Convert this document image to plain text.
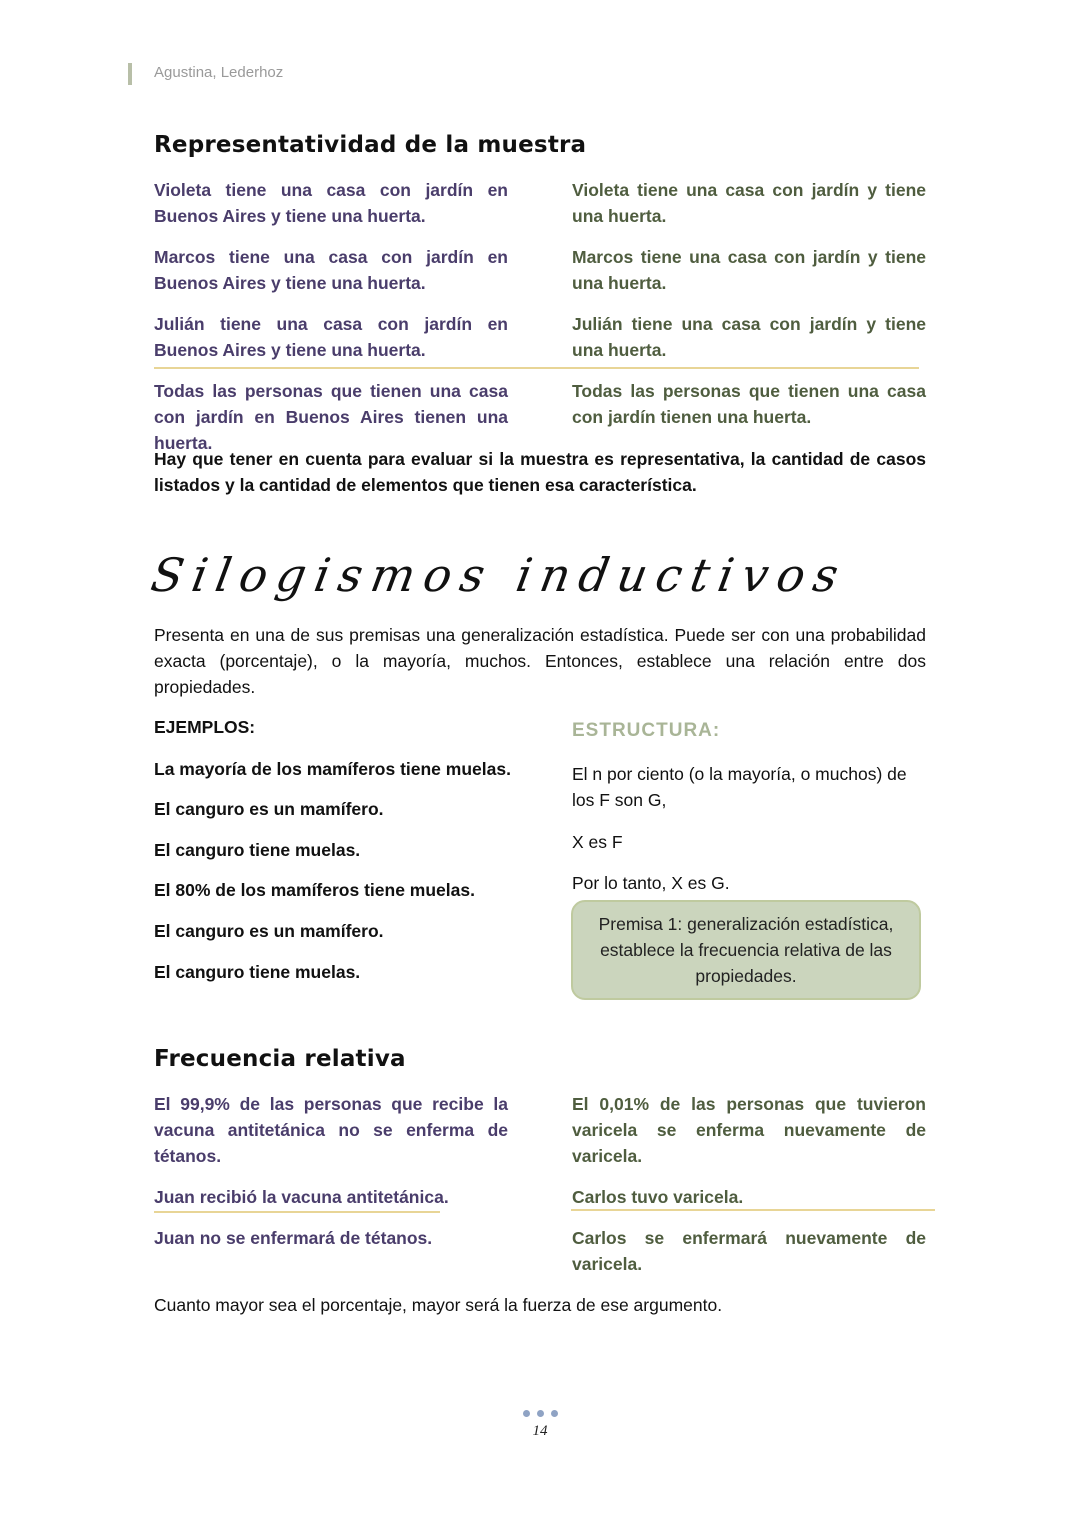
Agustina, Lederhoz
Representatividad de la muestra

Violeta tiene una casa con jardín en Buenos Aires y tiene una huerta.

Marcos tiene una casa con jardín en Buenos Aires y tiene una huerta.

Julián tiene una casa con jardín en Buenos Aires y tiene una huerta.

Todas las personas que tienen una casa con jardín en Buenos Aires tienen una huerta.

Violeta tiene una casa con jardín y tiene una huerta.

Marcos tiene una casa con jardín y tiene una huerta.

Julián tiene una casa con jardín y tiene una huerta.

Todas las personas que tienen una casa con jardín tienen una huerta.

Hay que tener en cuenta para evaluar si la muestra es representativa, la cantidad de casos listados y la cantidad de elementos que tienen esa característica.
Silogismos inductivos
Presenta en una de sus premisas una generalización estadística. Puede ser con una probabilidad exacta (porcentaje), o la mayoría, muchos. Entonces, establece una relación entre dos propiedades.
EJEMPLOS:
La mayoría de los mamíferos tiene muelas.
El canguro es un mamífero.
El canguro tiene muelas.
El 80% de los mamíferos tiene muelas.
El canguro es un mamífero.
El canguro tiene muelas.
ESTRUCTURA:
El n por ciento (o la mayoría, o muchos) de los F son G,
X es F
Por lo tanto, X es G.
Premisa 1: generalización estadística, establece la frecuencia relativa de las propiedades.
Frecuencia relativa

El 99,9% de las personas que recibe la vacuna antitetánica no se enferma de tétanos.

Juan recibió la vacuna antitetánica.

Juan no se enfermará de tétanos.

El 0,01% de las personas que tuvieron varicela se enferma nuevamente de varicela.

Carlos tuvo varicela.

Carlos se enfermará nuevamente de varicela.

Cuanto mayor sea el porcentaje, mayor será la fuerza de ese argumento.
14
